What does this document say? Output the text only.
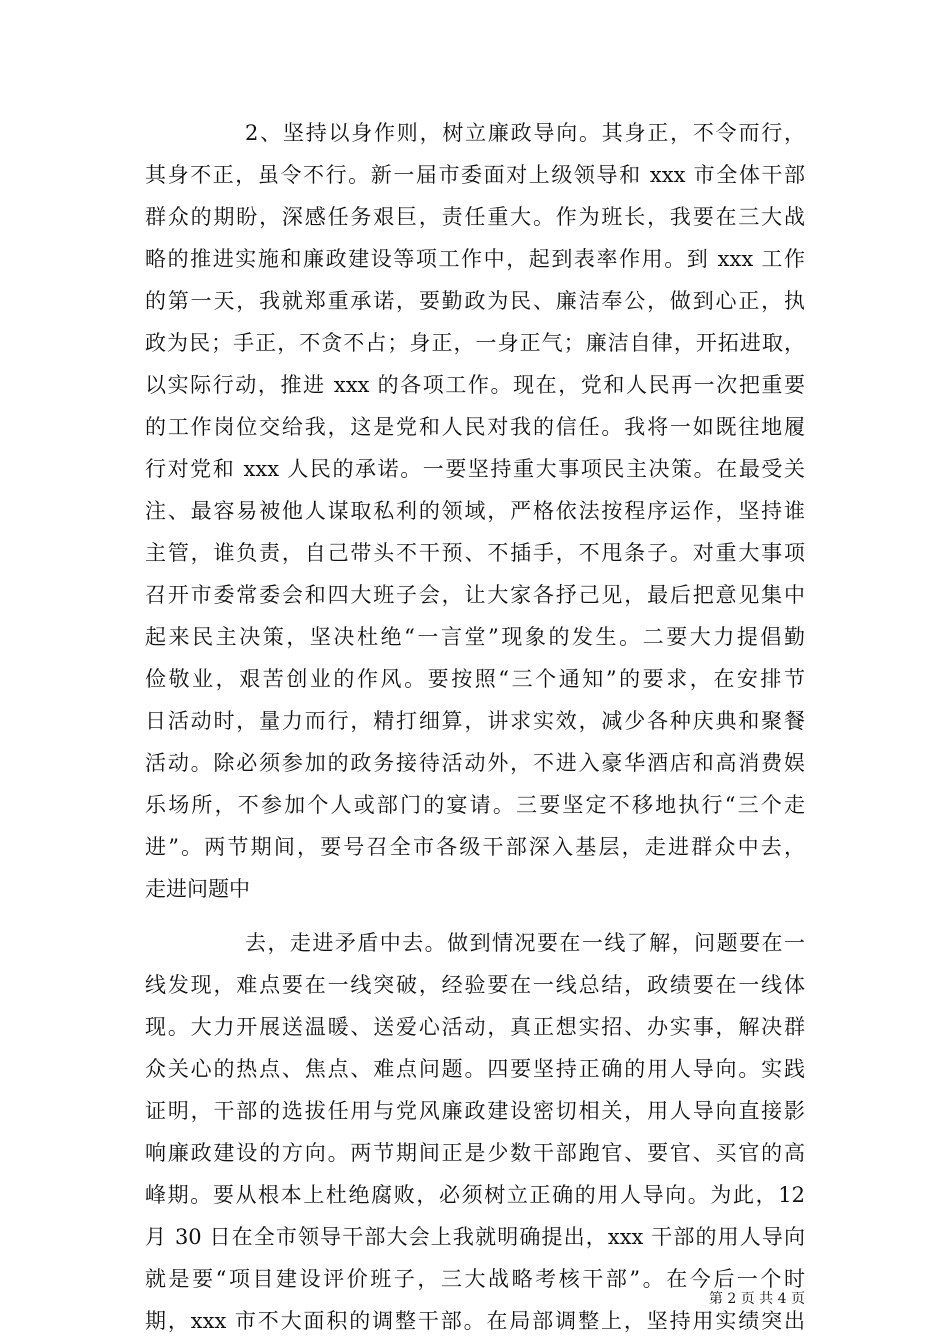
2、坚持以身作则，树立廉政导向。其身正，不令而行，
其身不正，虽令不行。新一届市委面对上级领导和 xxx 市全体干部
群众的期盼，深感任务艰巨，责任重大。作为班长，我要在三大战
略的推进实施和廉政建设等项工作中，起到表率作用。到 xxx 工作
的第一天，我就郑重承诺，要勤政为民、廉洁奉公，做到心正，执
政为民；手正，不贪不占；身正，一身正气；廉洁自律，开拓进取，
以实际行动，推进 xxx 的各项工作。现在，党和人民再一次把重要
的工作岗位交给我，这是党和人民对我的信任。我将一如既往地履
行对党和 xxx 人民的承诺。一要坚持重大事项民主决策。在最受关
注、最容易被他人谋取私利的领域，严格依法按程序运作，坚持谁
主管，谁负责，自己带头不干预、不插手，不甩条子。对重大事项
召开市委常委会和四大班子会，让大家各抒己见，最后把意见集中
起来民主决策，坚决杜绝“一言堂”现象的发生。二要大力提倡勤
俭敬业，艰苦创业的作风。要按照“三个通知”的要求，在安排节
日活动时，量力而行，精打细算，讲求实效，减少各种庆典和聚餐
活动。除必须参加的政务接待活动外，不进入豪华酒店和高消费娱
乐场所，不参加个人或部门的宴请。三要坚定不移地执行“三个走
进”。两节期间，要号召全市各级干部深入基层，走进群众中去，
走进问题中
去，走进矛盾中去。做到情况要在一线了解，问题要在一
线发现，难点要在一线突破，经验要在一线总结，政绩要在一线体
现。大力开展送温暖、送爱心活动，真正想实招、办实事，解决群
众关心的热点、焦点、难点问题。四要坚持正确的用人导向。实践
证明，干部的选拔任用与党风廉政建设密切相关，用人导向直接影
响廉政建设的方向。两节期间正是少数干部跑官、要官、买官的高
峰期。要从根本上杜绝腐败，必须树立正确的用人导向。为此，12
月 30 日在全市领导干部大会上我就明确提出，xxx 干部的用人导向
就是要“项目建设评价班子，三大战略考核干部”。在今后一个时
期，xxx 市不大面积的调整干部。在局部调整上，坚持用实绩突出
第 2 页 共 4 页
